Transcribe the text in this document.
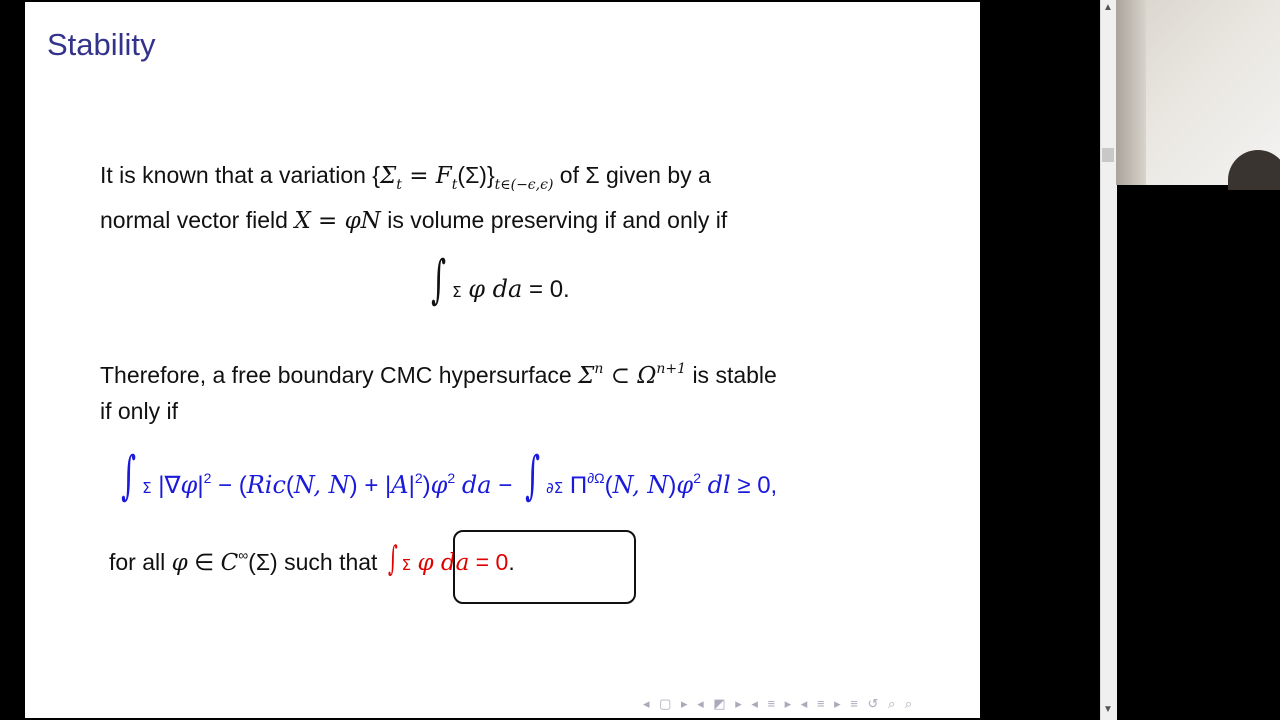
Stability
It is known that a variation $\{\Sigma_t = F_t(\Sigma)\}_{t\in(-\epsilon,\epsilon)}$ of Σ given by a
normal vector field X = φN is volume preserving if and only if
∫ Σ φ da = 0.
Therefore, a free boundary CMC hypersurface $\Sigma^n$ ⊂ $\Omega^{n+1}$ is stable
if only if
∫ Σ $|\nabla\varphi|^2 - (Ric(N$, $N) + |A|^2)\varphi^2$ da − ∫ ∂Σ $\Pi^{\partial\Omega}(N$, $N)\varphi^2$ dl ≥ 0,
for all φ ∈ C∞(Σ) such that ∫ Σ φ da = 0.
◂ ▢ ▸ ◂ ◩ ▸ ◂ ≡ ▸ ◂ ≡ ▸ ≡ ↺ ⌕ ⌕
▲
▼
